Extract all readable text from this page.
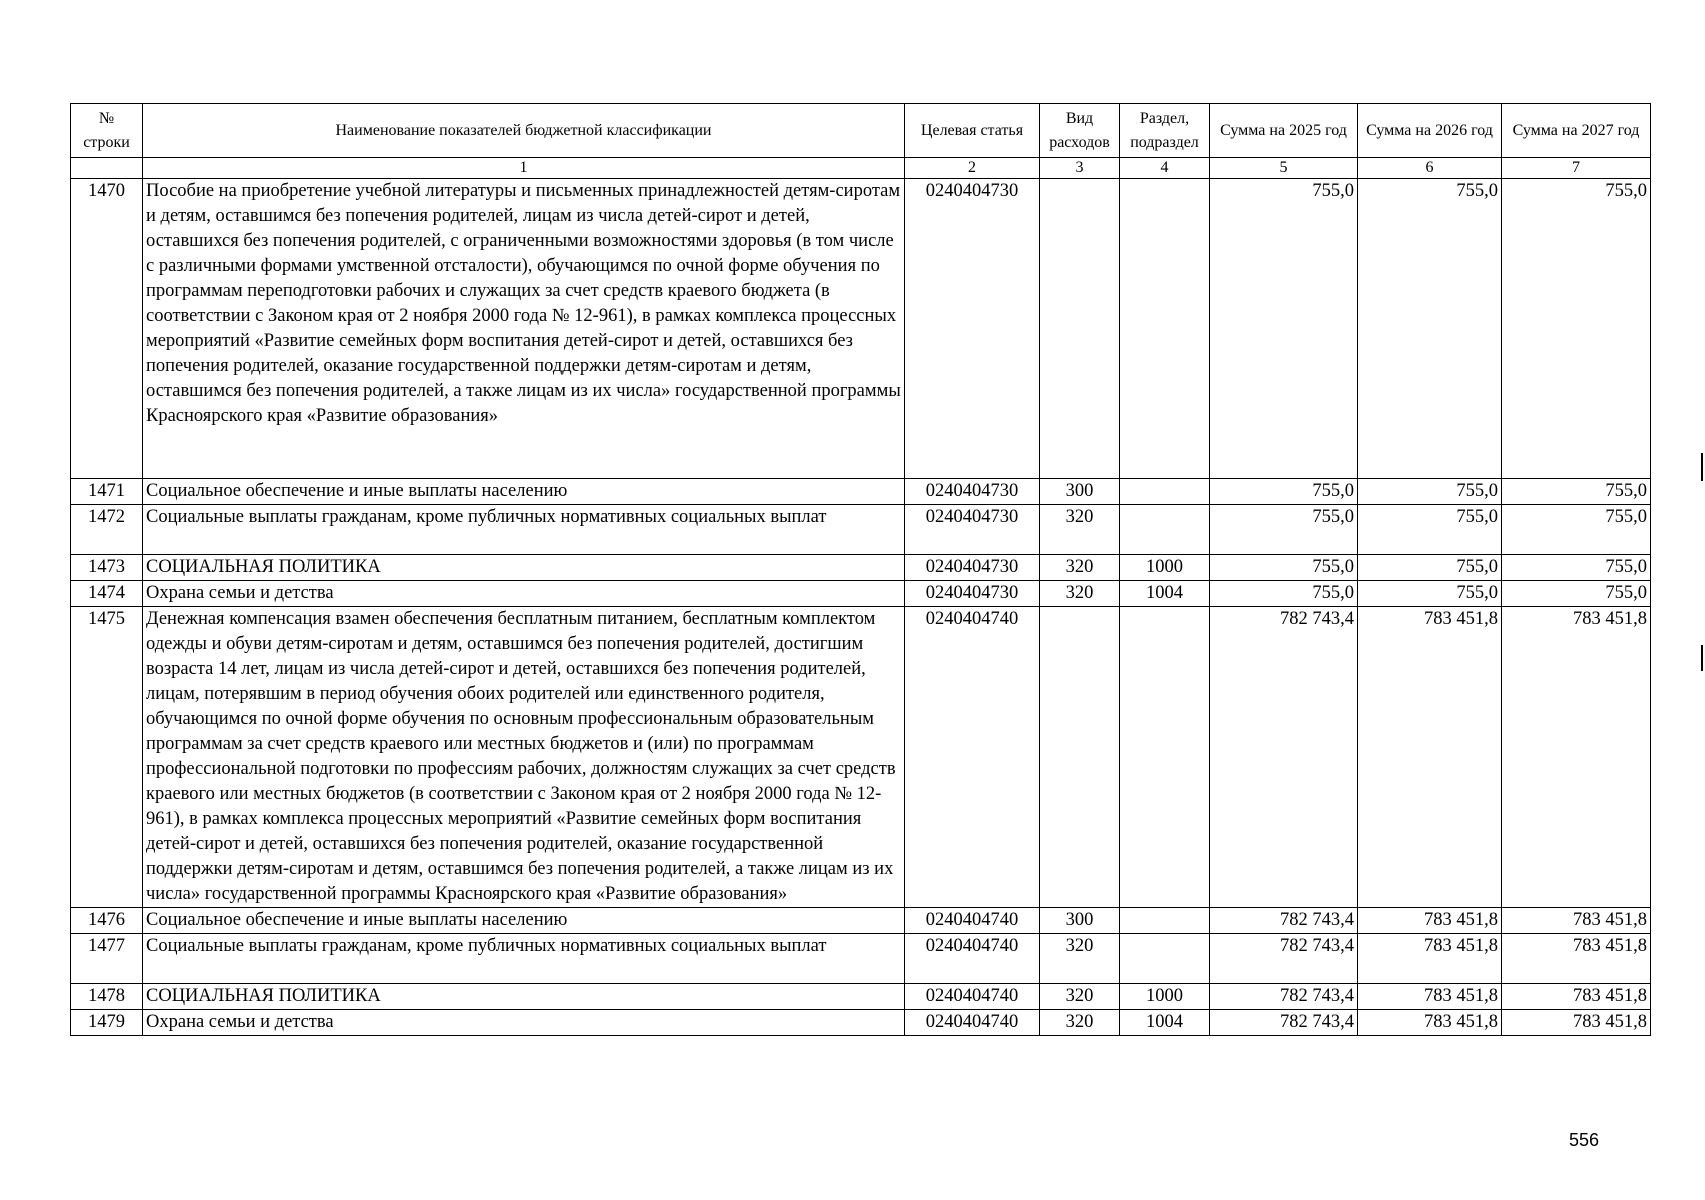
№ строки	Наименование показателей бюджетной классификации	Целевая статья	Вид расходов	Раздел, подраздел	Сумма на 2025 год	Сумма на 2026 год	Сумма на 2027 год
	1	2	3	4	5	6	7
1470	Пособие на приобретение учебной литературы и письменных принадлежностей детям-сиротам и детям, оставшимся без попечения родителей, лицам из числа детей-сирот и детей, оставшихся без попечения родителей, с ограниченными возможностями здоровья (в том числе с различными формами умственной отсталости), обучающимся по очной форме обучения по программам переподготовки рабочих и служащих за счет средств краевого бюджета (в соответствии с Законом края от 2 ноября 2000 года № 12-961), в рамках комплекса процессных мероприятий «Развитие семейных форм воспитания детей-сирот и детей, оставшихся без попечения родителей, оказание государственной поддержки детям-сиротам и детям, оставшимся без попечения родителей, а также лицам из их числа» государственной программы Красноярского края «Развитие образования»	0240404730			755,0	755,0	755,0
1471	Социальное обеспечение и иные выплаты населению	0240404730	300		755,0	755,0	755,0
1472	Социальные выплаты гражданам, кроме публичных нормативных социальных выплат	0240404730	320		755,0	755,0	755,0
1473	СОЦИАЛЬНАЯ ПОЛИТИКА	0240404730	320	1000	755,0	755,0	755,0
1474	Охрана семьи и детства	0240404730	320	1004	755,0	755,0	755,0
1475	Денежная компенсация взамен обеспечения бесплатным питанием, бесплатным комплектом одежды и обуви детям-сиротам и детям, оставшимся без попечения родителей, достигшим возраста 14 лет, лицам из числа детей-сирот и детей, оставшихся без попечения родителей, лицам, потерявшим в период обучения обоих родителей или единственного родителя, обучающимся по очной форме обучения по основным профессиональным образовательным программам за счет средств краевого или местных бюджетов и (или) по программам профессиональной подготовки по профессиям рабочих, должностям служащих за счет средств краевого или местных бюджетов (в соответствии с Законом края от 2 ноября 2000 года № 12-961), в рамках комплекса процессных мероприятий «Развитие семейных форм воспитания детей-сирот и детей, оставшихся без попечения родителей, оказание государственной поддержки детям-сиротам и детям, оставшимся без попечения родителей, а также лицам из их числа» государственной программы Красноярского края «Развитие образования»	0240404740			782 743,4	783 451,8	783 451,8
1476	Социальное обеспечение и иные выплаты населению	0240404740	300		782 743,4	783 451,8	783 451,8
1477	Социальные выплаты гражданам, кроме публичных нормативных социальных выплат	0240404740	320		782 743,4	783 451,8	783 451,8
1478	СОЦИАЛЬНАЯ ПОЛИТИКА	0240404740	320	1000	782 743,4	783 451,8	783 451,8
1479	Охрана семьи и детства	0240404740	320	1004	782 743,4	783 451,8	783 451,8
556
